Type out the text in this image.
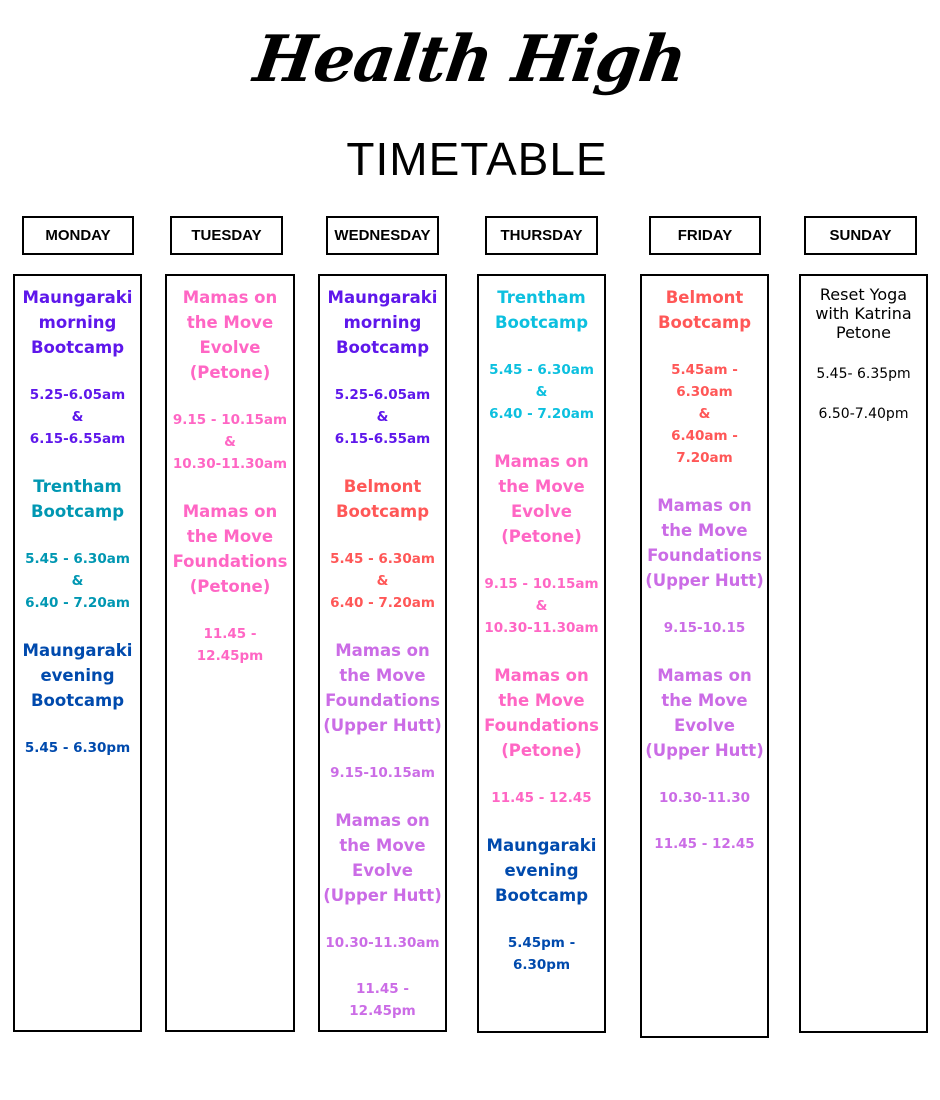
Health High
TIMETABLE
MONDAY
Maungaraki
morning
Bootcamp
5.25-6.05am
&
6.15-6.55am
Trentham
Bootcamp
5.45 - 6.30am
&
6.40 - 7.20am
Maungaraki
evening
Bootcamp
5.45 - 6.30pm
TUESDAY
Mamas on
the Move
Evolve
(Petone)
9.15 - 10.15am
&
10.30-11.30am
Mamas on
the Move
Foundations
(Petone)
11.45 -
12.45pm
WEDNESDAY
Maungaraki
morning
Bootcamp
5.25-6.05am
&
6.15-6.55am
Belmont
Bootcamp
5.45 - 6.30am
&
6.40 - 7.20am
Mamas on
the Move
Foundations
(Upper Hutt)
9.15-10.15am
Mamas on
the Move
Evolve
(Upper Hutt)
10.30-11.30am
11.45 -
12.45pm
THURSDAY
Trentham
Bootcamp
5.45 - 6.30am
&
6.40 - 7.20am
Mamas on
the Move
Evolve
(Petone)
9.15 - 10.15am
&
10.30-11.30am
Mamas on
the Move
Foundations
(Petone)
11.45 - 12.45
Maungaraki
evening
Bootcamp
5.45pm -
6.30pm
FRIDAY
Belmont
Bootcamp
5.45am -
6.30am
&
6.40am -
7.20am
Mamas on
the Move
Foundations
(Upper Hutt)
9.15-10.15
Mamas on
the Move
Evolve
(Upper Hutt)
10.30-11.30
11.45 - 12.45
SUNDAY
Reset Yoga
with Katrina
Petone
5.45- 6.35pm
6.50-7.40pm
